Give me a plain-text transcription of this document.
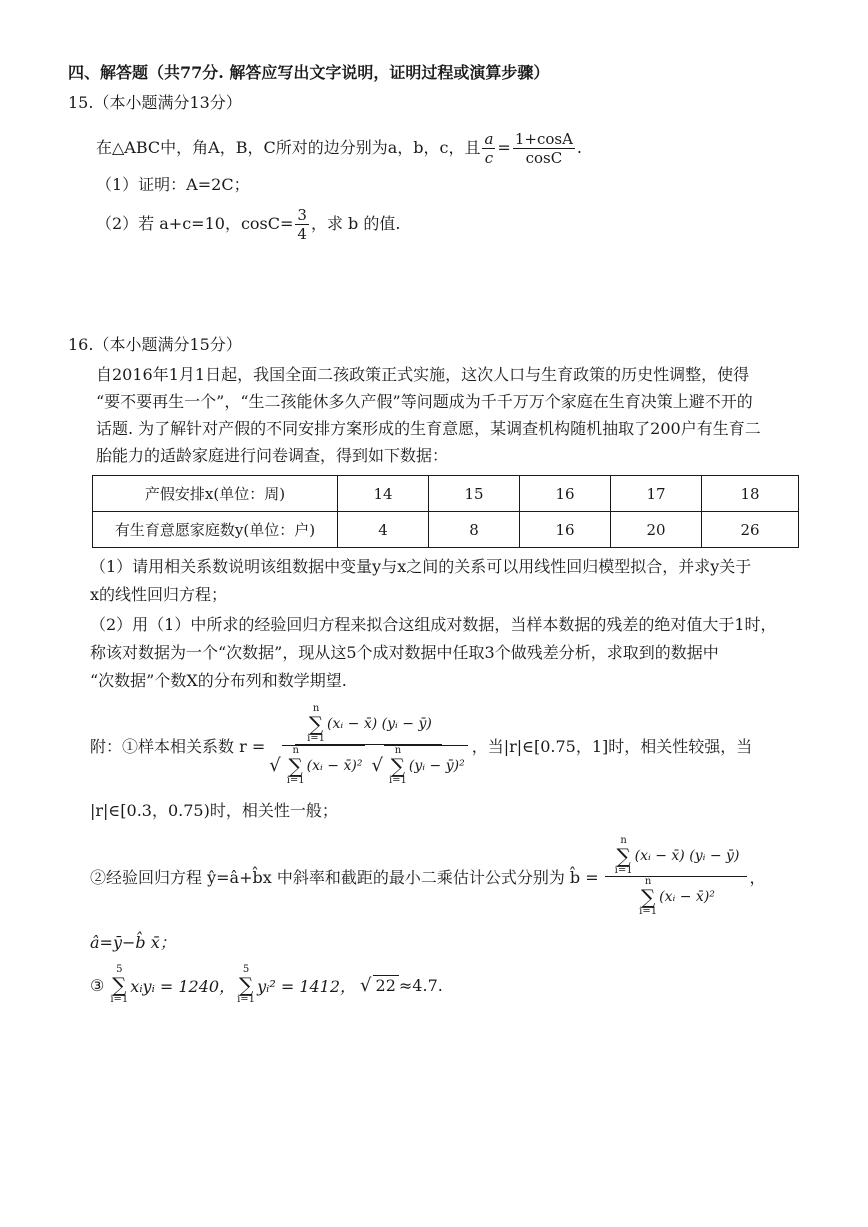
四、解答题（共77分. 解答应写出文字说明，证明过程或演算步骤）
15.（本小题满分13分）
在△ABC中，角A，B，C所对的边分别为a，b，c，且 $\frac{a}{c} = \frac{1+\cos A}{\cos C}$ .
（1）证明：A=2C；
（2）若 a+c=10，$\cos C= \frac{3}{4}$ ，求 b 的值.
16.（本小题满分15分）
自2016年1月1日起，我国全面二孩政策正式实施，这次人口与生育政策的历史性调整，使得
“要不要再生一个”，“生二孩能休多久产假”等问题成为千千万万个家庭在生育决策上避不开的
话题. 为了解针对产假的不同安排方案形成的生育意愿，某调查机构随机抽取了200户有生育二
胎能力的适龄家庭进行问卷调查，得到如下数据：
产假安排x(单位：周)	14	15	16	17	18
有生育意愿家庭数y(单位：户)	4	8	16	20	26
（1）请用相关系数说明该组数据中变量y与x之间的关系可以用线性回归模型拟合，并求y关于
x的线性回归方程；
（2）用（1）中所求的经验回归方程来拟合这组成对数据，当样本数据的残差的绝对值大于1时，
称该对数据为一个“次数据”，现从这5个成对数据中任取3个做残差分析，求取到的数据中
“次数据”个数X的分布列和数学期望.
附：①样本相关系数 r = n
∑
i=1
(xᵢ − x̄)
(yᵢ − ȳ)
√
n
∑
i=1
(xᵢ − x̄)² √
n
∑
i=1
(yᵢ − ȳ)² ，当|r|∈[0.75，1]时，相关性较强，当
|r|∈[0.3，0.75)时，相关性一般；
②经验回归方程 ŷ=â+b̂x 中斜率和截距的最小二乘估计公式分别为 b̂ = n
∑
i=1
(xᵢ − x̄)
(yᵢ − ȳ)
n
∑
i=1
(xᵢ − x̄)² ，
â=ȳ−b̂ x̄；
③
5
∑
i=1
xᵢyᵢ = 1240，
5
∑
i=1
yᵢ² = 1412， √ 22 ≈4.7.
